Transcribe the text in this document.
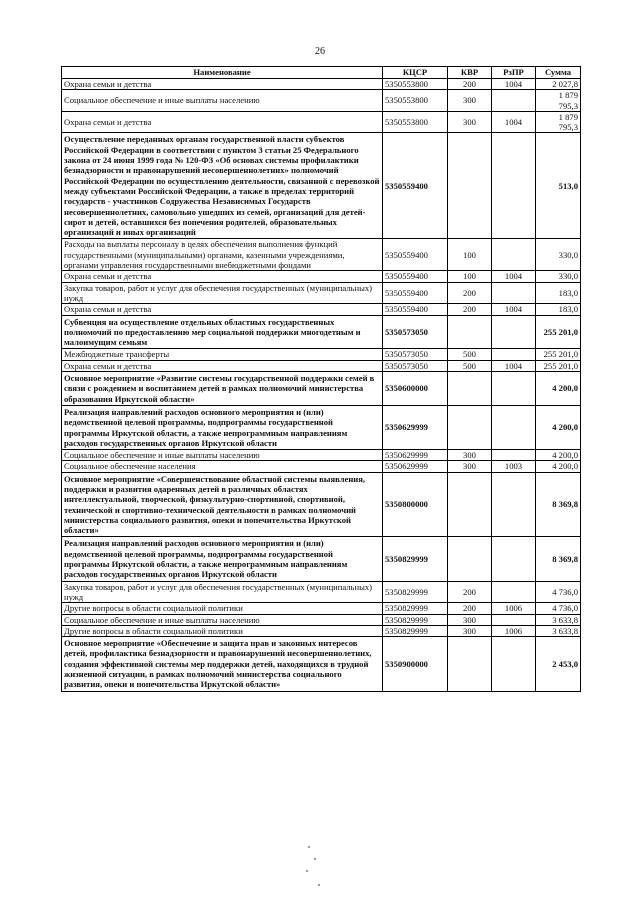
26
Наименование	КЦСР	КВР	РзПР	Сумма
Охрана семьи и детства	5350553800	200	1004	2 027,8
Социальное обеспечение и иные выплаты населению	5350553800	300		1 879 795,3
Охрана семьи и детства	5350553800	300	1004	1 879 795,3
Осуществление переданных органам государственной власти субъектов Российской Федерации в соответствии с пунктом 3 статьи 25 Федерального закона от 24 июня 1999 года № 120-ФЗ «Об основах системы профилактики безнадзорности и правонарушений несовершеннолетних» полномочий Российской Федерации по осуществлению деятельности, связанной с перевозкой между субъектами Российской Федерации, а также в пределах территорий государств - участников Содружества Независимых Государств несовершеннолетних, самовольно ушедших из семей, организаций для детей-сирот и детей, оставшихся без попечения родителей, образовательных организаций и иных организаций	5350559400			513,0
Расходы на выплаты персоналу в целях обеспечения выполнения функций государственными (муниципальными) органами, казенными учреждениями, органами управления государственными внебюджетными фондами	5350559400	100		330,0
Охрана семьи и детства	5350559400	100	1004	330,0
Закупка товаров, работ и услуг для обеспечения государственных (муниципальных) нужд	5350559400	200		183,0
Охрана семьи и детства	5350559400	200	1004	183,0
Субвенция на осуществление отдельных областных государственных полномочий по предоставлению мер социальной поддержки многодетным и малоимущим семьям	5350573050			255 201,0
Межбюджетные трансферты	5350573050	500		255 201,0
Охрана семьи и детства	5350573050	500	1004	255 201,0
Основное мероприятие «Развитие системы государственной поддержки семей в связи с рождением и воспитанием детей в рамках полномочий министерства образования Иркутской области»	5350600000			4 200,0
Реализация направлений расходов основного мероприятия и (или) ведомственной целевой программы, подпрограммы государственной программы Иркутской области, а также непрограммным направлениям расходов государственных органов Иркутской области	5350629999			4 200,0
Социальное обеспечение и иные выплаты населению	5350629999	300		4 200,0
Социальное обеспечение населения	5350629999	300	1003	4 200,0
Основное мероприятие «Совершенствование областной системы выявления, поддержки и развития одаренных детей в различных областях интеллектуальной, творческой, физкультурно-спортивной, спортивной, технической и спортивно-технической деятельности в рамках полномочий министерства социального развития, опеки и попечительства Иркутской области»	5350800000			8 369,8
Реализация направлений расходов основного мероприятия и (или) ведомственной целевой программы, подпрограммы государственной программы Иркутской области, а также непрограммным направлениям расходов государственных органов Иркутской области	5350829999			8 369,8
Закупка товаров, работ и услуг для обеспечения государственных (муниципальных) нужд	5350829999	200		4 736,0
Другие вопросы в области социальной политики	5350829999	200	1006	4 736,0
Социальное обеспечение и иные выплаты населению	5350829999	300		3 633,8
Другие вопросы в области социальной политики	5350829999	300	1006	3 633,8
Основное мероприятие «Обеспечение и защита прав и законных интересов детей, профилактика безнадзорности и правонарушений несовершеннолетних, создания эффективной системы мер поддержки детей, находящихся в трудной жизненной ситуации, в рамках полномочий министерства социального развития, опеки и попечительства Иркутской области»	5350900000			2 453,0
